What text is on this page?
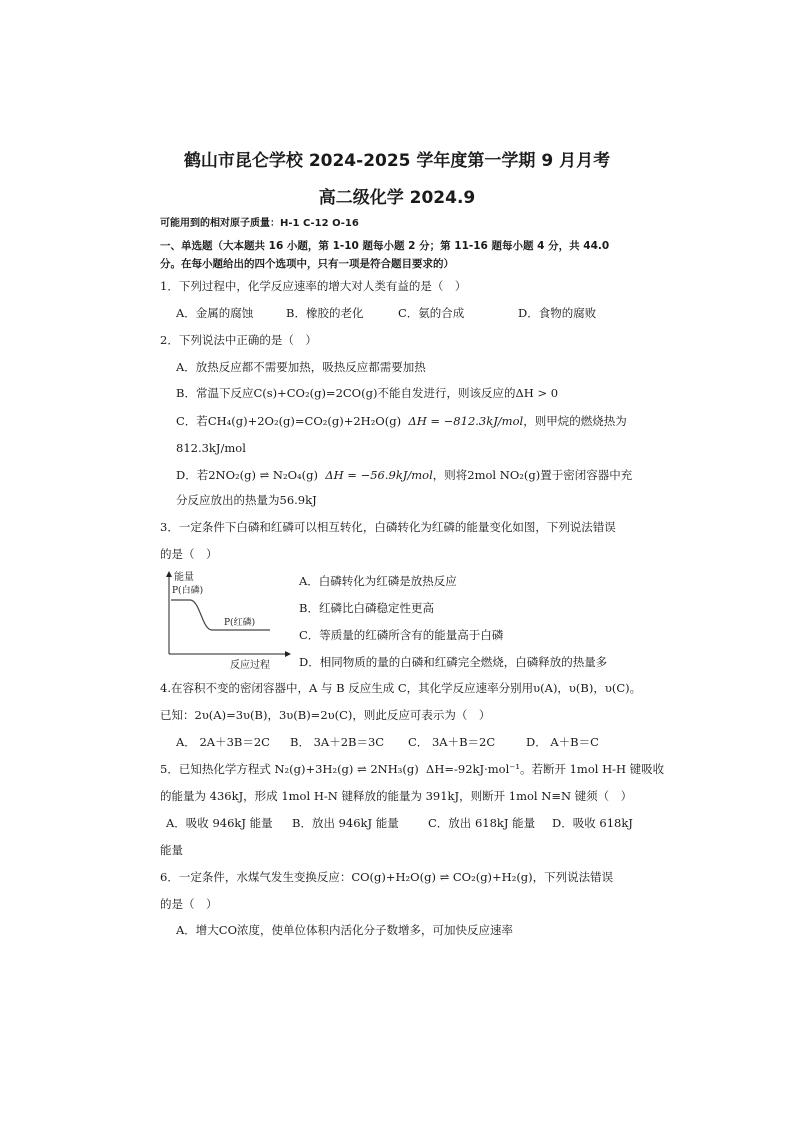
鹤山市昆仑学校 2024-2025 学年度第一学期 9 月月考
高二级化学 2024.9
可能用到的相对原子质量：H-1 C-12 O-16
一、单选题（大本题共 16 小题，第 1-10 题每小题 2 分；第 11-16 题每小题 4 分，共 44.0
分。在每小题给出的四个选项中，只有一项是符合题目要求的）
1．下列过程中，化学反应速率的增大对人类有益的是（　）
A．金属的腐蚀	B．橡胶的老化	C．氨的合成	D．食物的腐败
2．下列说法中正确的是（　）
A．放热反应都不需要加热，吸热反应都需要加热
B．常温下反应C(s)+CO₂(g)=2CO(g)不能自发进行，则该反应的ΔH > 0
C．若CH₄(g)+2O₂(g)=CO₂(g)+2H₂O(g) ΔH = −812.3kJ/mol，则甲烷的燃烧热为
812.3kJ/mol
D．若2NO₂(g) ⇌ N₂O₄(g) ΔH = −56.9kJ/mol，则将2mol NO₂(g)置于密闭容器中充
分反应放出的热量为56.9kJ
3．一定条件下白磷和红磷可以相互转化，白磷转化为红磷的能量变化如图，下列说法错误
的是（　）
能量
P(白磷)
P(红磷)
反应过程
A．白磷转化为红磷是放热反应
B．红磷比白磷稳定性更高
C．等质量的红磷所含有的能量高于白磷
D．相同物质的量的白磷和红磷完全燃烧，白磷释放的热量多
4.在容积不变的密闭容器中，A 与 B 反应生成 C，其化学反应速率分别用υ(A)，υ(B)，υ(C)。
已知：2υ(A)=3υ(B)，3υ(B)=2υ(C)，则此反应可表示为（　）
A． 2A＋3B＝2C B． 3A＋2B＝3C C． 3A＋B＝2C	D． A＋B＝C
5．已知热化学方程式 N₂(g)+3H₂(g) ⇌ 2NH₃(g) ΔH=-92kJ·mol⁻¹。若断开 1mol H-H 键吸收
的能量为 436kJ，形成 1mol H-N 键释放的能量为 391kJ，则断开 1mol N≡N 键须（　）
A．吸收 946kJ 能量 B．放出 946kJ 能量	C．放出 618kJ 能量 D．吸收 618kJ
能量
6．一定条件，水煤气发生变换反应：CO(g)+H₂O(g) ⇌ CO₂(g)+H₂(g)，下列说法错误
的是（　）
A．增大CO浓度，使单位体积内活化分子数增多，可加快反应速率
